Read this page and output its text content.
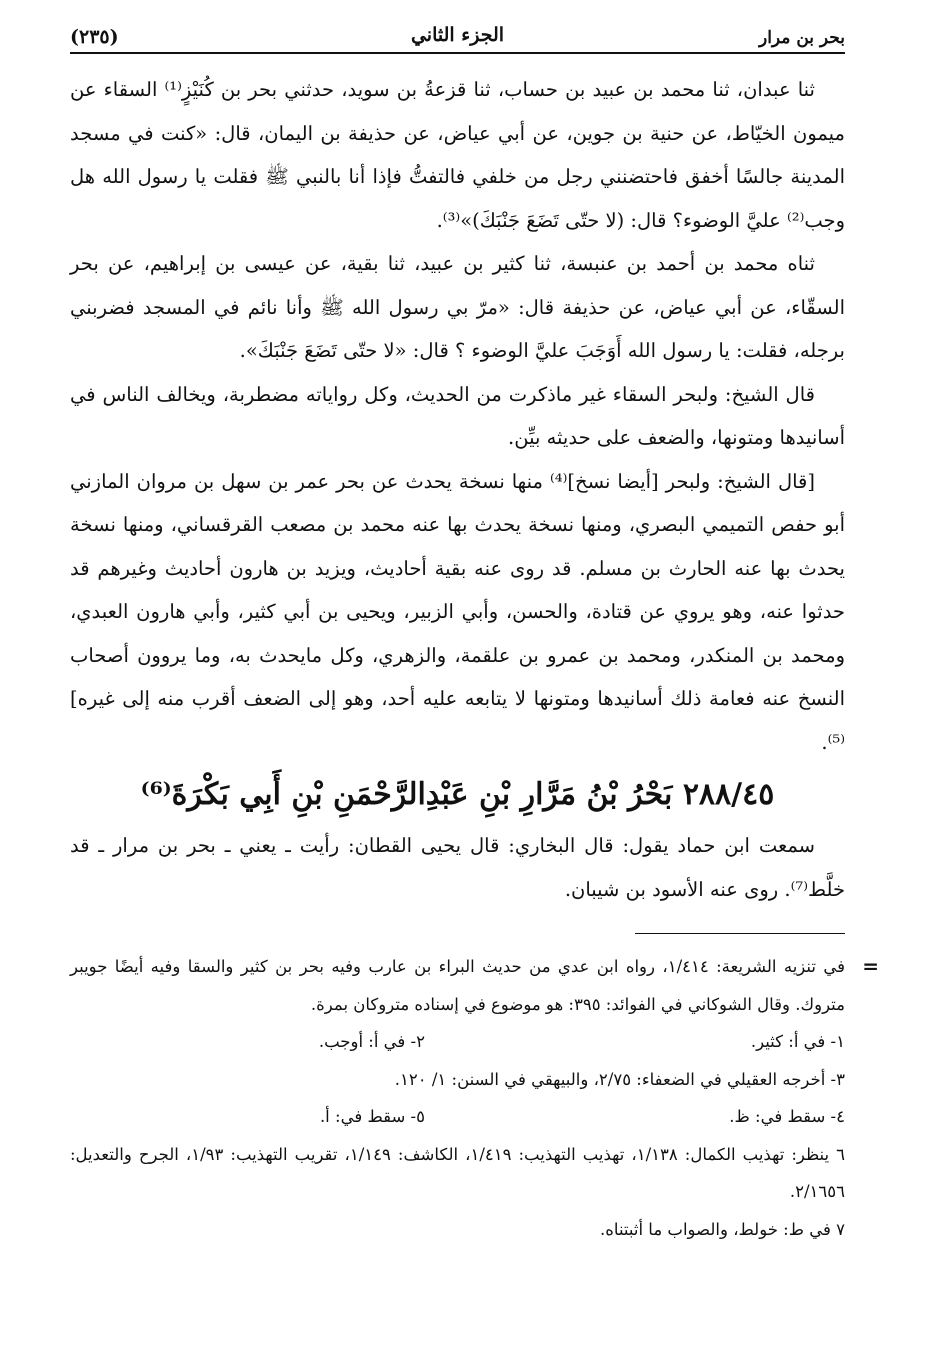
بحر بن مرار
الجزء الثاني
(٢٣٥)

ثنا عبدان، ثنا محمد بن عبيد بن حساب، ثنا قزعةُ بن سويد، حدثني بحر بن كُنَيْزٍ⁽¹⁾ السقاء عن ميمون الخيّاط، عن حنية بن جوين، عن أبي عياض، عن حذيفة بن اليمان، قال: «كنت في مسجد المدينة جالسًا أخفق فاحتضنني رجل من خلفي فالتفتُّ فإذا أنا بالنبي ﷺ فقلت يا رسول الله هل وجب⁽²⁾ عليَّ الوضوء؟ قال: (لا حتّى تَضَعَ جَنْبَكَ)»⁽³⁾.

ثناه محمد بن أحمد بن عنبسة، ثنا كثير بن عبيد، ثنا بقية، عن عيسى بن إبراهيم، عن بحر السقّاء، عن أبي عياض، عن حذيفة قال: «مرّ بي رسول الله ﷺ وأنا نائم في المسجد فضربني برجله، فقلت: يا رسول الله أَوَجَبَ عليَّ الوضوء ؟ قال: «لا حتّى تَضَعَ جَنْبَكَ».

قال الشيخ: ولبحر السقاء غير ماذكرت من الحديث، وكل رواياته مضطربة، ويخالف الناس في أسانيدها ومتونها، والضعف على حديثه بيِّن.

[قال الشيخ: ولبحر [أيضا نسخ]⁽⁴⁾ منها نسخة يحدث عن بحر عمر بن سهل بن مروان المازني أبو حفص التميمي البصري، ومنها نسخة يحدث بها عنه محمد بن مصعب القرقساني، ومنها نسخة يحدث بها عنه الحارث بن مسلم. قد روى عنه بقية أحاديث، ويزيد بن هارون أحاديث وغيرهم قد حدثوا عنه، وهو يروي عن قتادة، والحسن، وأبي الزبير، ويحيى بن أبي كثير، وأبي هارون العبدي، ومحمد بن المنكدر، ومحمد بن عمرو بن علقمة، والزهري، وكل مايحدث به، وما يروون أصحاب النسخ عنه فعامة ذلك أسانيدها ومتونها لا يتابعه عليه أحد، وهو إلى الضعف أقرب منه إلى غيره]⁽⁵⁾.

٢٨٨/٤٥ بَحْرُ بْنُ مَرَّارِ بْنِ عَبْدِالرَّحْمَنِ بْنِ أَبِي بَكْرَةَ⁽⁶⁾

سمعت ابن حماد يقول: قال البخاري: قال يحيى القطان: رأيت ـ يعني ـ بحر بن مرار ـ قد خلَّط⁽⁷⁾. روى عنه الأسود بن شيبان.

=

في تنزيه الشريعة: ١/٤١٤، رواه ابن عدي من حديث البراء بن عارب وفيه بحر بن كثير والسقا وفيه أيضًا جويبر متروك. وقال الشوكاني في الفوائد: ٣٩٥: هو موضوع في إسناده متروكان بمرة.

١- في أ: كثير.

٢- في أ: أوجب.

٣- أخرجه العقيلي في الضعفاء: ٢/٧٥، والبيهقي في السنن: ١/ ١٢٠.

٤- سقط في: ظ.

٥- سقط في: أ.

٦ ينظر: تهذيب الكمال: ١/١٣٨، تهذيب التهذيب: ١/٤١٩، الكاشف: ١/١٤٩، تقريب التهذيب: ١/٩٣، الجرح والتعديل: ٢/١٦٥٦.

٧ في ط: خولط، والصواب ما أثبتناه.
